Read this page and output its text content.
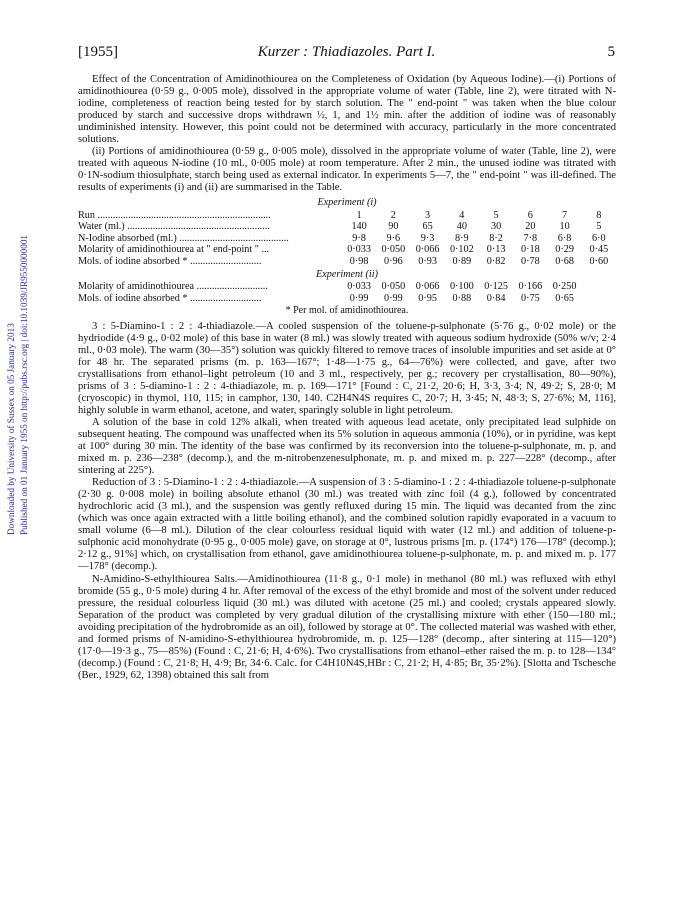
[1955]	Kurzer : Thiadiazoles. Part I.	5
Downloaded by University of Sussex on 05 January 2013 Published on 01 January 1955 on http://pubs.rsc.org | doi:10.1039/JR9550000001

Effect of the Concentration of Amidinothiourea on the Completeness of Oxidation (by Aqueous Iodine).—(i) Portions of amidinothiourea (0·59 g., 0·005 mole), dissolved in the appropriate volume of water (Table, line 2), were titrated with N-iodine, completeness of reaction being tested for by starch solution. The " end-point " was taken when the blue colour produced by starch and successive drops withdrawn ½, 1, and 1½ min. after the addition of iodine was of reasonably undiminished intensity. However, this point could not be determined with accuracy, particularly in the more concentrated solutions.

(ii) Portions of amidinothiourea (0·59 g., 0·005 mole), dissolved in the appropriate volume of water (Table, line 2), were treated with aqueous N-iodine (10 ml., 0·005 mole) at room temperature. After 2 min., the unused iodine was titrated with 0·1N-sodium thiosulphate, starch being used as external indicator. In experiments 5—7, the " end-point " was ill-defined. The results of experiments (i) and (ii) are summarised in the Table.

Experiment (i)
Run ....................................................................	1	2	3	4	5	6	7	8
Water (ml.) ........................................................	140	90	65	40	30	20	10	5
N-Iodine absorbed (ml.) ...........................................	9·8	9·6	9·3	8·9	8·2	7·8	6·8	6·0
Molarity of amidinothiourea at " end-point " ...	0·033	0·050	0·066	0·102	0·13	0·18	0·29	0·45
Mols. of iodine absorbed * ............................	0·98	0·96	0·93	0·89	0·82	0·78	0·68	0·60
Experiment (ii)
Molarity of amidinothiourea ............................	0·033	0·050	0·066	0·100	0·125	0·166	0·250	
Mols. of iodine absorbed * ............................	0·99	0·99	0·95	0·88	0·84	0·75	0·65	
* Per mol. of amidinothiourea.

3 : 5-Diamino-1 : 2 : 4-thiadiazole.—A cooled suspension of the toluene-p-sulphonate (5·76 g., 0·02 mole) or the hydriodide (4·9 g., 0·02 mole) of this base in water (8 ml.) was slowly treated with aqueous sodium hydroxide (50% w/v; 2·4 ml., 0·03 mole). The warm (30—35°) solution was quickly filtered to remove traces of insoluble impurities and set aside at 0° for 48 hr. The separated prisms (m. p. 163—167°; 1·48—1·75 g., 64—76%) were collected, and gave, after two crystallisations from ethanol–light petroleum (10 and 3 ml., respectively, per g.; recovery per crystallisation, 80—90%), prisms of 3 : 5-diamino-1 : 2 : 4-thiadiazole, m. p. 169—171° [Found : C, 21·2, 20·6; H, 3·3, 3·4; N, 49·2; S, 28·0; M (cryoscopic) in thymol, 110, 115; in camphor, 130, 140. C2H4N4S requires C, 20·7; H, 3·45; N, 48·3; S, 27·6%; M, 116], highly soluble in warm ethanol, acetone, and water, sparingly soluble in light petroleum.

A solution of the base in cold 12% alkali, when treated with aqueous lead acetate, only precipitated lead sulphide on subsequent heating. The compound was unaffected when its 5% solution in aqueous ammonia (10%), or in pyridine, was kept at 100° during 30 min. The identity of the base was confirmed by its reconversion into the toluene-p-sulphonate, m. p. and mixed m. p. 236—238° (decomp.), and the m-nitrobenzenesulphonate, m. p. and mixed m. p. 227—228° (decomp., after sintering at 225°).

Reduction of 3 : 5-Diamino-1 : 2 : 4-thiadiazole.—A suspension of 3 : 5-diamino-1 : 2 : 4-thiadiazole toluene-p-sulphonate (2·30 g. 0·008 mole) in boiling absolute ethanol (30 ml.) was treated with zinc foil (4 g.), followed by concentrated hydrochloric acid (3 ml.), and the suspension was gently refluxed during 15 min. The liquid was decanted from the zinc (which was once again extracted with a little boiling ethanol), and the combined solution rapidly evaporated in a vacuum to small volume (6—8 ml.). Dilution of the clear colourless residual liquid with water (12 ml.) and addition of toluene-p-sulphonic acid monohydrate (0·95 g., 0·005 mole) gave, on storage at 0°, lustrous prisms [m. p. (174°) 176—178° (decomp.); 2·12 g., 91%] which, on crystallisation from ethanol, gave amidinothiourea toluene-p-sulphonate, m. p. and mixed m. p. 177—178° (decomp.).

N-Amidino-S-ethylthiourea Salts.—Amidinothiourea (11·8 g., 0·1 mole) in methanol (80 ml.) was refluxed with ethyl bromide (55 g., 0·5 mole) during 4 hr. After removal of the excess of the ethyl bromide and most of the solvent under reduced pressure, the residual colourless liquid (30 ml.) was diluted with acetone (25 ml.) and cooled; crystals appeared slowly. Separation of the product was completed by very gradual dilution of the crystallising mixture with ether (150—180 ml.; avoiding precipitation of the hydrobromide as an oil), followed by storage at 0°. The collected material was washed with ether, and formed prisms of N-amidino-S-ethylthiourea hydrobromide, m. p. 125—128° (decomp., after sintering at 115—120°) (17·0—19·3 g., 75—85%) (Found : C, 21·6; H, 4·6%). Two crystallisations from ethanol–ether raised the m. p. to 128—134° (decomp.) (Found : C, 21·8; H, 4·9; Br, 34·6. Calc. for C4H10N4S,HBr : C, 21·2; H, 4·85; Br, 35·2%). [Slotta and Tschesche (Ber., 1929, 62, 1398) obtained this salt from
